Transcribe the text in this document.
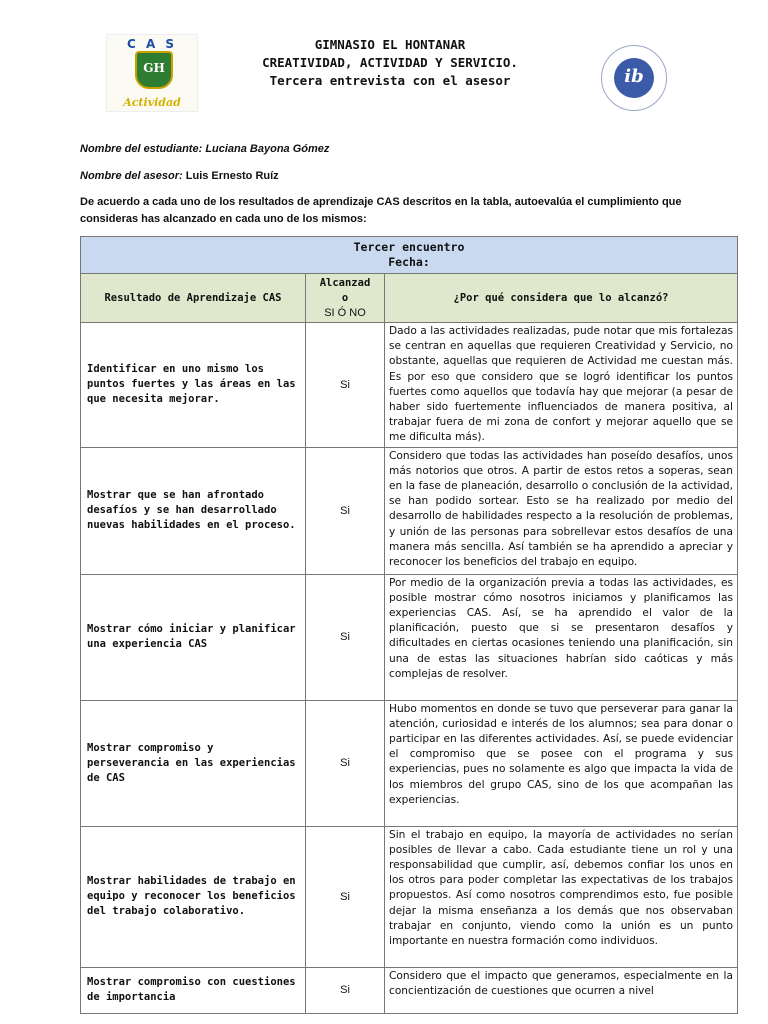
C A S
GH
Actividad
GIMNASIO EL HONTANAR
CREATIVIDAD, ACTIVIDAD Y SERVICIO.
Tercera entrevista con el asesor	ib
Nombre del estudiante: Luciana Bayona Gómez
Nombre del asesor: Luis Ernesto Ruíz
De acuerdo a cada uno de los resultados de aprendizaje CAS descritos en la tabla, autoevalúa el cumplimiento que consideras has alcanzado en cada uno de los mismos:
Tercer encuentro
Fecha:		

Resultado de Aprendizaje CAS	Alcanzad
o
SI Ó NO	¿Por qué considera que lo alcanzó?
Identificar en uno mismo los puntos fuertes y las áreas en las que necesita mejorar.	Si	Dado a las actividades realizadas, pude notar que mis fortalezas se centran en aquellas que requieren Creatividad y Servicio, no obstante, aquellas que requieren de Actividad me cuestan más. Es por eso que considero que se logró identificar los puntos fuertes como aquellos que todavía hay que mejorar (a pesar de haber sido fuertemente influenciados de manera positiva, al trabajar fuera de mi zona de confort y mejorar aquello que se me dificulta más).
Mostrar que se han afrontado desafíos y se han desarrollado nuevas habilidades en el proceso.	Si	Considero que todas las actividades han poseído desafíos, unos más notorios que otros. A partir de estos retos a soperas, sean en la fase de planeación, desarrollo o conclusión de la actividad, se han podido sortear. Esto se ha realizado por medio del desarrollo de habilidades respecto a la resolución de problemas, y unión de las personas para sobrellevar estos desafíos de una manera más sencilla. Así también se ha aprendido a apreciar y reconocer los beneficios del trabajo en equipo.
Mostrar cómo iniciar y planificar una experiencia CAS	Si	Por medio de la organización previa a todas las actividades, es posible mostrar cómo nosotros iniciamos y planificamos las experiencias CAS. Así, se ha aprendido el valor de la planificación, puesto que si se presentaron desafíos y dificultades en ciertas ocasiones teniendo una planificación, sin una de estas las situaciones habrían sido caóticas y más complejas de resolver.
Mostrar compromiso y perseverancia en las experiencias de CAS	Si	Hubo momentos en donde se tuvo que perseverar para ganar la atención, curiosidad e interés de los alumnos; sea para donar o participar en las diferentes actividades. Así, se puede evidenciar el compromiso que se posee con el programa y sus experiencias, pues no solamente es algo que impacta la vida de los miembros del grupo CAS, sino de los que acompañan las experiencias.
Mostrar habilidades de trabajo en equipo y reconocer los beneficios del trabajo colaborativo.	Si	Sin el trabajo en equipo, la mayoría de actividades no serían posibles de llevar a cabo. Cada estudiante tiene un rol y una responsabilidad que cumplir, así, debemos confiar los unos en los otros para poder completar las expectativas de los trabajos propuestos. Así como nosotros comprendimos esto, fue posible dejar la misma enseñanza a los demás que nos observaban trabajar en conjunto, viendo como la unión es un punto importante en nuestra formación como individuos.
Mostrar compromiso con cuestiones de importancia	Si	Considero que el impacto que generamos, especialmente en la concientización de cuestiones que ocurren a nivel
